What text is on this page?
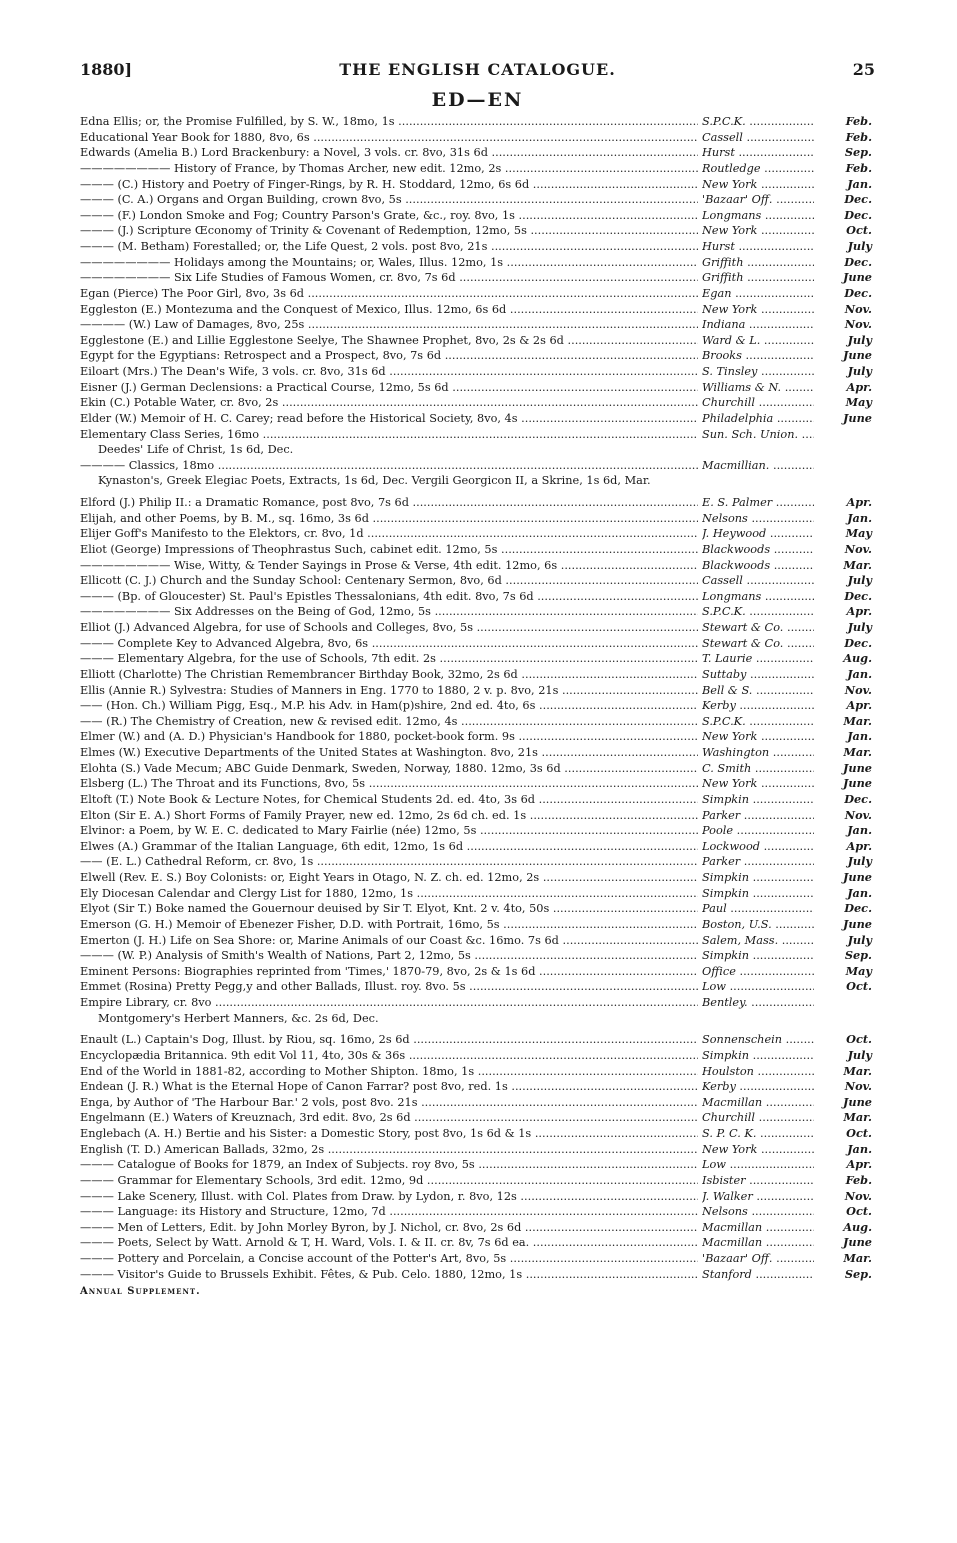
1880]	THE ENGLISH CATALOGUE.	25
ED—EN
Edna Ellis; or, the Promise Fulfilled, by S. W., 18mo, 1s .....	S.P.C.K. .....	Feb.
Educational Year Book for 1880, 8vo, 6s .....	Cassell .....	Feb.
Edwards (Amelia B.) Lord Brackenbury: a Novel, 3 vols. cr. 8vo, 31s 6d .....	Hurst .....	Sep.
———————— History of France, by Thomas Archer, new edit. 12mo, 2s .....	Routledge .....	Feb.
——— (C.) History and Poetry of Finger-Rings, by R. H. Stoddard, 12mo, 6s 6d .....	New York .....	Jan.
——— (C. A.) Organs and Organ Building, crown 8vo, 5s .....	'Bazaar' Off. .....	Dec.
——— (F.) London Smoke and Fog; Country Parson's Grate, &c., roy. 8vo, 1s .....	Longmans .....	Dec.
——— (J.) Scripture Œconomy of Trinity & Covenant of Redemption, 12mo, 5s .....	New York .....	Oct.
——— (M. Betham) Forestalled; or, the Life Quest, 2 vols. post 8vo, 21s .....	Hurst .....	July
———————— Holidays among the Mountains; or, Wales, Illus. 12mo, 1s .....	Griffith .....	Dec.
———————— Six Life Studies of Famous Women, cr. 8vo, 7s 6d .....	Griffith .....	June
Egan (Pierce) The Poor Girl, 8vo, 3s 6d .....	Egan .....	Dec.
Eggleston (E.) Montezuma and the Conquest of Mexico, Illus. 12mo, 6s 6d .....	New York .....	Nov.
———— (W.) Law of Damages, 8vo, 25s .....	Indiana .....	Nov.
Egglestone (E.) and Lillie Egglestone Seelye, The Shawnee Prophet, 8vo, 2s & 2s 6d .....	Ward & L. .....	July
Egypt for the Egyptians: Retrospect and a Prospect, 8vo, 7s 6d .....	Brooks .....	June
Eiloart (Mrs.) The Dean's Wife, 3 vols. cr. 8vo, 31s 6d .....	S. Tinsley .....	July
Eisner (J.) German Declensions: a Practical Course, 12mo, 5s 6d .....	Williams & N. .....	Apr.
Ekin (C.) Potable Water, cr. 8vo, 2s .....	Churchill .....	May
Elder (W.) Memoir of H. C. Carey; read before the Historical Society, 8vo, 4s .....	Philadelphia .....	June
Elementary Class Series, 16mo .....	Sun. Sch. Union. .....
Deedes' Life of Christ, 1s 6d, Dec.
———— Classics, 18mo .....	Macmillian. .....
Kynaston's, Greek Elegiac Poets, Extracts, 1s 6d, Dec. Vergili Georgicon II, a Skrine, 1s 6d, Mar.
Elford (J.) Philip II.: a Dramatic Romance, post 8vo, 7s 6d .....	E. S. Palmer .....	Apr.
Elijah, and other Poems, by B. M., sq. 16mo, 3s 6d .....	Nelsons .....	Jan.
Elijer Goff's Manifesto to the Elektors, cr. 8vo, 1d .....	J. Heywood .....	May
Eliot (George) Impressions of Theophrastus Such, cabinet edit. 12mo, 5s .....	Blackwoods .....	Nov.
———————— Wise, Witty, & Tender Sayings in Prose & Verse, 4th edit. 12mo, 6s .....	Blackwoods .....	Mar.
Ellicott (C. J.) Church and the Sunday School: Centenary Sermon, 8vo, 6d .....	Cassell .....	July
——— (Bp. of Gloucester) St. Paul's Epistles Thessalonians, 4th edit. 8vo, 7s 6d .....	Longmans .....	Dec.
———————— Six Addresses on the Being of God, 12mo, 5s .....	S.P.C.K. .....	Apr.
Elliot (J.) Advanced Algebra, for use of Schools and Colleges, 8vo, 5s .....	Stewart & Co. .....	July
——— Complete Key to Advanced Algebra, 8vo, 6s .....	Stewart & Co. .....	Dec.
——— Elementary Algebra, for the use of Schools, 7th edit. 2s .....	T. Laurie .....	Aug.
Elliott (Charlotte) The Christian Remembrancer Birthday Book, 32mo, 2s 6d .....	Suttaby .....	Jan.
Ellis (Annie R.) Sylvestra: Studies of Manners in Eng. 1770 to 1880, 2 v. p. 8vo, 21s .....	Bell & S. .....	Nov.
—— (Hon. Ch.) William Pigg, Esq., M.P. his Adv. in Ham(p)shire, 2nd ed. 4to, 6s .....	Kerby .....	Apr.
—— (R.) The Chemistry of Creation, new & revised edit. 12mo, 4s .....	S.P.C.K. .....	Mar.
Elmer (W.) and (A. D.) Physician's Handbook for 1880, pocket-book form. 9s .....	New York .....	Jan.
Elmes (W.) Executive Departments of the United States at Washington. 8vo, 21s .....	Washington .....	Mar.
Elohta (S.) Vade Mecum; ABC Guide Denmark, Sweden, Norway, 1880. 12mo, 3s 6d .....	C. Smith .....	June
Elsberg (L.) The Throat and its Functions, 8vo, 5s .....	New York .....	June
Eltoft (T.) Note Book & Lecture Notes, for Chemical Students 2d. ed. 4to, 3s 6d .....	Simpkin .....	Dec.
Elton (Sir E. A.) Short Forms of Family Prayer, new ed. 12mo, 2s 6d ch. ed. 1s .....	Parker .....	Nov.
Elvinor: a Poem, by W. E. C. dedicated to Mary Fairlie (née) 12mo, 5s .....	Poole .....	Jan.
Elwes (A.) Grammar of the Italian Language, 6th edit, 12mo, 1s 6d .....	Lockwood .....	Apr.
—— (E. L.) Cathedral Reform, cr. 8vo, 1s .....	Parker .....	July
Elwell (Rev. E. S.) Boy Colonists: or, Eight Years in Otago, N. Z. ch. ed. 12mo, 2s .....	Simpkin .....	June
Ely Diocesan Calendar and Clergy List for 1880, 12mo, 1s .....	Simpkin .....	Jan.
Elyot (Sir T.) Boke named the Gouernour deuised by Sir T. Elyot, Knt. 2 v. 4to, 50s .....	Paul .....	Dec.
Emerson (G. H.) Memoir of Ebenezer Fisher, D.D. with Portrait, 16mo, 5s .....	Boston, U.S. .....	June
Emerton (J. H.) Life on Sea Shore: or, Marine Animals of our Coast &c. 16mo. 7s 6d .....	Salem, Mass. .....	July
——— (W. P.) Analysis of Smith's Wealth of Nations, Part 2, 12mo, 5s .....	Simpkin .....	Sep.
Eminent Persons: Biographies reprinted from 'Times,' 1870-79, 8vo, 2s & 1s 6d .....	Office .....	May
Emmet (Rosina) Pretty Pegg,y and other Ballads, Illust. roy. 8vo. 5s .....	Low .....	Oct.
Empire Library, cr. 8vo .....	Bentley. .....
Montgomery's Herbert Manners, &c. 2s 6d, Dec.
Enault (L.) Captain's Dog, Illust. by Riou, sq. 16mo, 2s 6d .....	Sonnenschein .....	Oct.
Encyclopædia Britannica. 9th edit Vol 11, 4to, 30s & 36s .....	Simpkin .....	July
End of the World in 1881-82, according to Mother Shipton. 18mo, 1s .....	Houlston .....	Mar.
Endean (J. R.) What is the Eternal Hope of Canon Farrar? post 8vo, red. 1s .....	Kerby .....	Nov.
Enga, by Author of 'The Harbour Bar.' 2 vols, post 8vo. 21s .....	Macmillan .....	June
Engelmann (E.) Waters of Kreuznach, 3rd edit. 8vo, 2s 6d .....	Churchill .....	Mar.
Englebach (A. H.) Bertie and his Sister: a Domestic Story, post 8vo, 1s 6d & 1s .....	S. P. C. K. .....	Oct.
English (T. D.) American Ballads, 32mo, 2s .....	New York .....	Jan.
——— Catalogue of Books for 1879, an Index of Subjects. roy 8vo, 5s .....	Low .....	Apr.
——— Grammar for Elementary Schools, 3rd edit. 12mo, 9d .....	Isbister .....	Feb.
——— Lake Scenery, Illust. with Col. Plates from Draw. by Lydon, r. 8vo, 12s .....	J. Walker .....	Nov.
——— Language: its History and Structure, 12mo, 7d .....	Nelsons .....	Oct.
——— Men of Letters, Edit. by John Morley Byron, by J. Nichol, cr. 8vo, 2s 6d .....	Macmillan .....	Aug.
——— Poets, Select by Watt. Arnold & T, H. Ward, Vols. I. & II. cr. 8v, 7s 6d ea. .....	Macmillan .....	June
——— Pottery and Porcelain, a Concise account of the Potter's Art, 8vo, 5s .....	'Bazaar' Off. .....	Mar.
——— Visitor's Guide to Brussels Exhibit. Fêtes, & Pub. Celo. 1880, 12mo, 1s .....	Stanford .....	Sep.
Annual Supplement.
